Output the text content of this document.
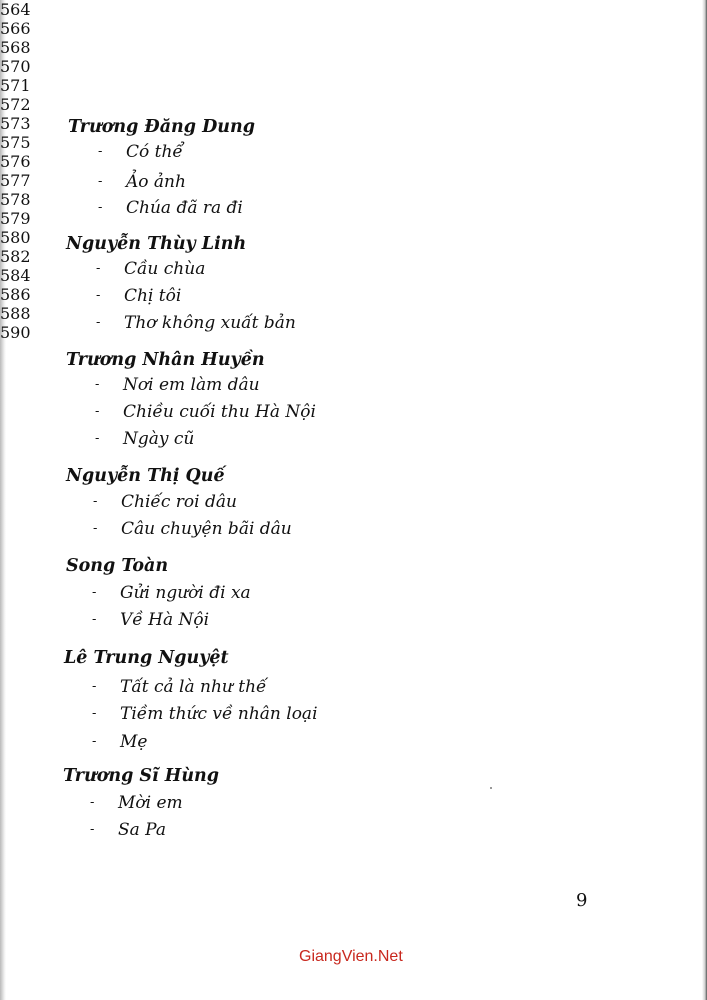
Trương Đăng Dung
- Có thể
564
- Ảo ảnh
566
- Chúa đã ra đi
568
Nguyễn Thùy Linh
- Cầu chùa
570
- Chị tôi
571
- Thơ không xuất bản
572
Trương Nhân Huyền
- Nơi em làm dâu
573
- Chiều cuối thu Hà Nội
575
- Ngày cũ
576
Nguyễn Thị Quế
- Chiếc roi dâu
577
- Câu chuyện bãi dâu
578
Song Toàn
- Gửi người đi xa
579
- Về Hà Nội
580
Lê Trung Nguyệt
- Tất cả là như thế
582
- Tiềm thức về nhân loại
584
- Mẹ
586
Trương Sĩ Hùng
- Mời em
588
- Sa Pa
590
9
GiangVien.Net
